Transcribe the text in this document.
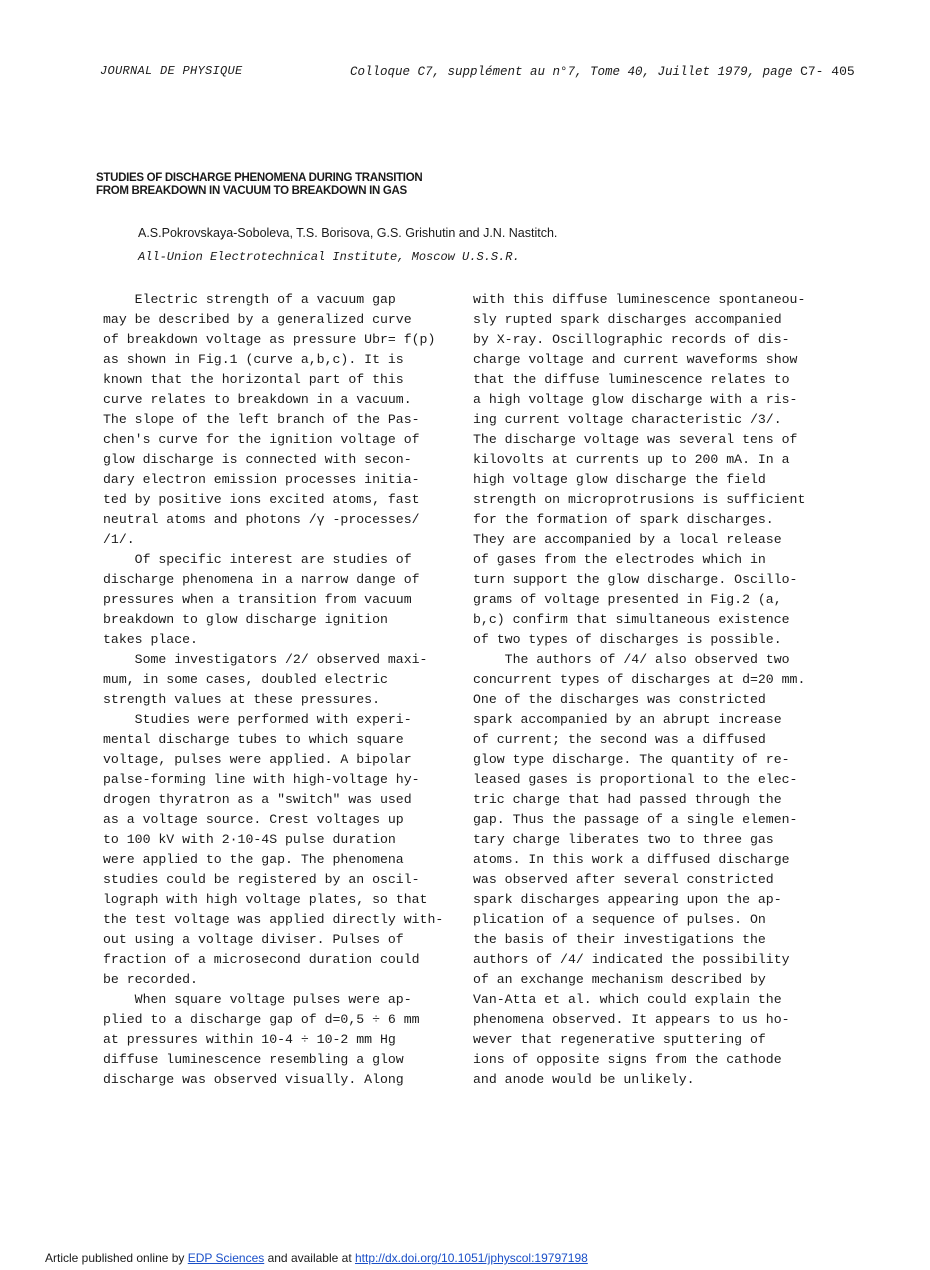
JOURNAL DE PHYSIQUE	Colloque C7, supplément au n°7, Tome 40, Juillet 1979, page C7- 405
STUDIES OF DISCHARGE PHENOMENA DURING TRANSITION
FROM BREAKDOWN IN VACUUM TO BREAKDOWN IN GAS
A.S.Pokrovskaya-Soboleva, T.S. Borisova, G.S. Grishutin and J.N. Nastitch.
All-Union Electrotechnical Institute, Moscow U.S.S.R.
Electric strength of a vacuum gap
may be described by a generalized curve
of breakdown voltage as pressure Ubr= f(p)
as shown in Fig.1 (curve a,b,c). It is
known that the horizontal part of this
curve relates to breakdown in a vacuum.
The slope of the left branch of the Pas-
chen's curve for the ignition voltage of
glow discharge is connected with secon-
dary electron emission processes initia-
ted by positive ions excited atoms, fast
neutral atoms and photons /γ -processes/
/1/.
Of specific interest are studies of
discharge phenomena in a narrow dange of
pressures when a transition from vacuum
breakdown to glow discharge ignition
takes place.
Some investigators /2/ observed maxi-
mum, in some cases, doubled electric
strength values at these pressures.
Studies were performed with experi-
mental discharge tubes to which square
voltage, pulses were applied. A bipolar
palse-forming line with high-voltage hy-
drogen thyratron as a "switch" was used
as a voltage source. Crest voltages up
to 100 kV with 2·10-4S pulse duration
were applied to the gap. The phenomena
studies could be registered by an oscil-
lograph with high voltage plates, so that
the test voltage was applied directly with-
out using a voltage diviser. Pulses of
fraction of a microsecond duration could
be recorded.
When square voltage pulses were ap-
plied to a discharge gap of d=0,5 ÷ 6 mm
at pressures within 10-4 ÷ 10-2 mm Hg
diffuse luminescence resembling a glow
discharge was observed visually. Along
with this diffuse luminescence spontaneou-
sly rupted spark discharges accompanied
by X-ray. Oscillographic records of dis-
charge voltage and current waveforms show
that the diffuse luminescence relates to
a high voltage glow discharge with a ris-
ing current voltage characteristic /3/.
The discharge voltage was several tens of
kilovolts at currents up to 200 mA. In a
high voltage glow discharge the field
strength on microprotrusions is sufficient
for the formation of spark discharges.
They are accompanied by a local release
of gases from the electrodes which in
turn support the glow discharge. Oscillo-
grams of voltage presented in Fig.2 (a,
b,c) confirm that simultaneous existence
of two types of discharges is possible.
The authors of /4/ also observed two
concurrent types of discharges at d=20 mm.
One of the discharges was constricted
spark accompanied by an abrupt increase
of current; the second was a diffused
glow type discharge. The quantity of re-
leased gases is proportional to the elec-
tric charge that had passed through the
gap. Thus the passage of a single elemen-
tary charge liberates two to three gas
atoms. In this work a diffused discharge
was observed after several constricted
spark discharges appearing upon the ap-
plication of a sequence of pulses. On
the basis of their investigations the
authors of /4/ indicated the possibility
of an exchange mechanism described by
Van-Atta et al. which could explain the
phenomena observed. It appears to us ho-
wever that regenerative sputtering of
ions of opposite signs from the cathode
and anode would be unlikely.
Article published online by EDP Sciences and available at http://dx.doi.org/10.1051/jphyscol:19797198
